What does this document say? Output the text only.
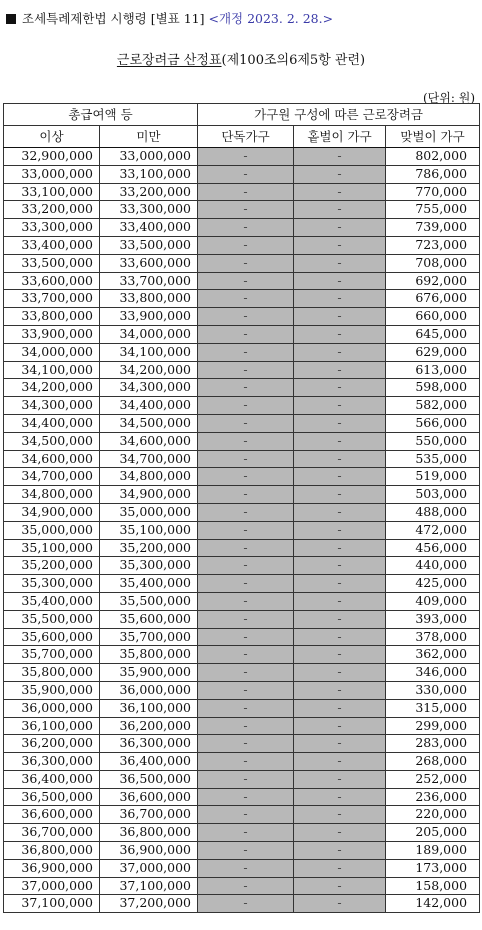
조세특례제한법 시행령 [별표 11] <개정 2023. 2. 28.>
근로장려금 산정표(제100조의6제5항 관련)
(단위: 원)
총급여액 등		가구원 구성에 따른 근로장려금		
이상	미만	단독가구	홑벌이 가구	맞벌이 가구
32,900,000	33,000,000	-	-	802,000
33,000,000	33,100,000	-	-	786,000
33,100,000	33,200,000	-	-	770,000
33,200,000	33,300,000	-	-	755,000
33,300,000	33,400,000	-	-	739,000
33,400,000	33,500,000	-	-	723,000
33,500,000	33,600,000	-	-	708,000
33,600,000	33,700,000	-	-	692,000
33,700,000	33,800,000	-	-	676,000
33,800,000	33,900,000	-	-	660,000
33,900,000	34,000,000	-	-	645,000
34,000,000	34,100,000	-	-	629,000
34,100,000	34,200,000	-	-	613,000
34,200,000	34,300,000	-	-	598,000
34,300,000	34,400,000	-	-	582,000
34,400,000	34,500,000	-	-	566,000
34,500,000	34,600,000	-	-	550,000
34,600,000	34,700,000	-	-	535,000
34,700,000	34,800,000	-	-	519,000
34,800,000	34,900,000	-	-	503,000
34,900,000	35,000,000	-	-	488,000
35,000,000	35,100,000	-	-	472,000
35,100,000	35,200,000	-	-	456,000
35,200,000	35,300,000	-	-	440,000
35,300,000	35,400,000	-	-	425,000
35,400,000	35,500,000	-	-	409,000
35,500,000	35,600,000	-	-	393,000
35,600,000	35,700,000	-	-	378,000
35,700,000	35,800,000	-	-	362,000
35,800,000	35,900,000	-	-	346,000
35,900,000	36,000,000	-	-	330,000
36,000,000	36,100,000	-	-	315,000
36,100,000	36,200,000	-	-	299,000
36,200,000	36,300,000	-	-	283,000
36,300,000	36,400,000	-	-	268,000
36,400,000	36,500,000	-	-	252,000
36,500,000	36,600,000	-	-	236,000
36,600,000	36,700,000	-	-	220,000
36,700,000	36,800,000	-	-	205,000
36,800,000	36,900,000	-	-	189,000
36,900,000	37,000,000	-	-	173,000
37,000,000	37,100,000	-	-	158,000
37,100,000	37,200,000	-	-	142,000
